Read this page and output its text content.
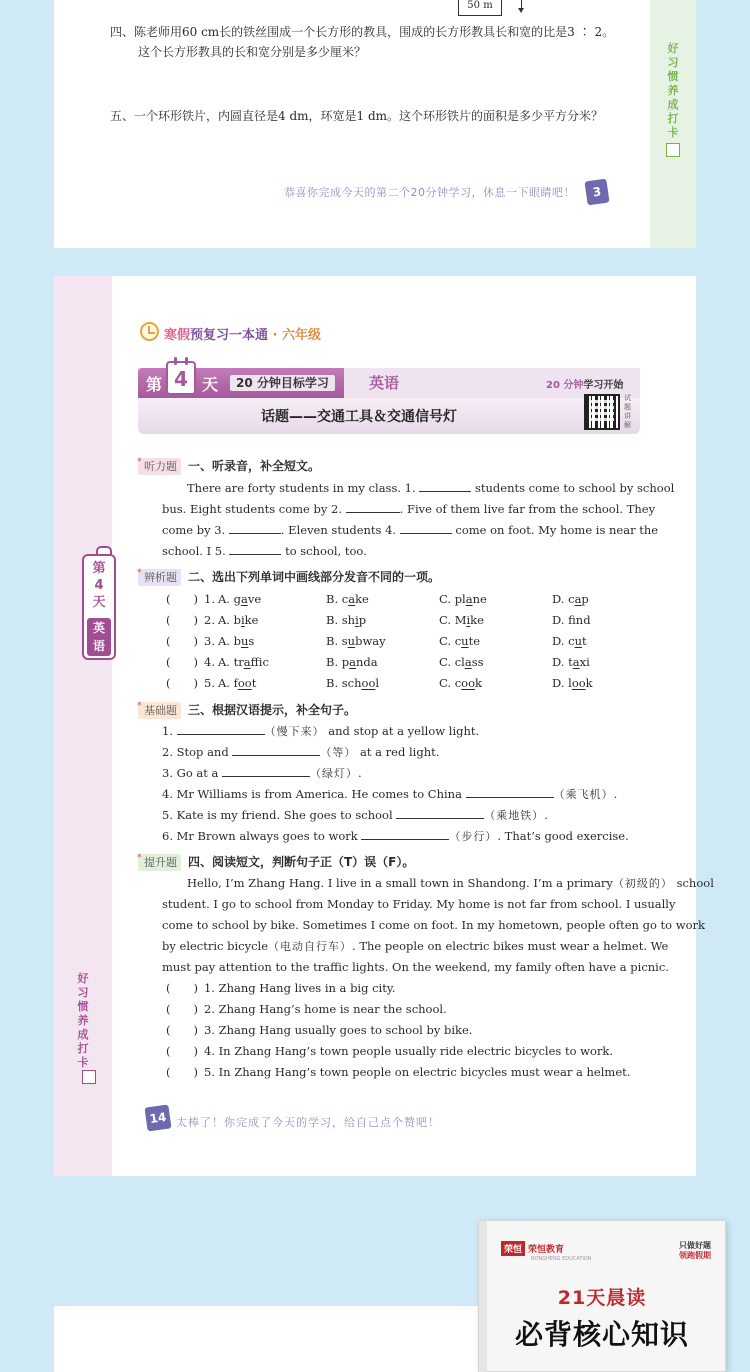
50 m
四、陈老师用60 cm长的铁丝围成一个长方形的教具，围成的长方形教具长和宽的比是3 ∶ 2。
这个长方形教具的长和宽分别是多少厘米？
五、一个环形铁片，内圆直径是4 dm，环宽是1 dm。这个环形铁片的面积是多少平方分米？
恭喜你完成今天的第二个20分钟学习，休息一下眼睛吧！	3
好
习
惯
养
成
打
卡
好
习
惯
养
成
打
卡
寒假预复习一本通 · 六年级
第 4 天	20 分钟目标学习	英语	20 分钟学习开始
话题——交通工具＆交通信号灯
试
题
讲
解
第
4
天
英
语
* 听力题 一、听录音，补全短文。
There are forty students in my class. 1.	students come to school by school
bus. Eight students come by 2.	. Five of them live far from the school. They
come by 3.	. Eleven students 4.	come on foot. My home is near the
school. I 5.	to school, too.
* 辨析题 二、选出下列单词中画线部分发音不同的一项。
(　　) 1. A. gave	B. cake	C. plane	D. cap
(　　) 2. A. bike	B. ship	C. Mike	D. fnd
(　　) 3. A. bus	B. subway	C. cute	D. cut
(　　) 4. A. traffic	B. panda	C. class	D. taxi
(　　) 5. A. foot	B. school	C. cook	D. look
* 基础题 三、根据汉语提示，补全句子。
1.	（慢下来） and stop at a yellow light.
2. Stop and	（等） at a red light.
3. Go at a	（绿灯）.
4. Mr Williams is from America. He comes to China	（乘飞机）.
5. Kate is my friend. She goes to school	（乘地铁）.
6. Mr Brown always goes to work	（步行）. That’s good exercise.
* 提升题 四、阅读短文，判断句子正（T）误（F）。
Hello, I’m Zhang Hang. I live in a small town in Shandong. I’m a primary（初级的） school
student. I go to school from Monday to Friday. My home is not far from school. I usually
come to school by bike. Sometimes I come on foot. In my hometown, people often go to work
by electric bicycle（电动自行车）. The people on electric bikes must wear a helmet. We
must pay attention to the traffic lights. On the weekend, my family often have a picnic.
(　　) 1. Zhang Hang lives in a big city.
(　　) 2. Zhang Hang’s home is near the school.
(　　) 3. Zhang Hang usually goes to school by bike.
(　　) 4. In Zhang Hang’s town people usually ride electric bicycles to work.
(　　) 5. In Zhang Hang’s town people on electric bicycles must wear a helmet.
14 太棒了！你完成了今天的学习，给自己点个赞吧！
荣恒 荣恒教育
RONGHENG EDUCATION
只做好题
领跑假期
21天晨读
必背核心知识
